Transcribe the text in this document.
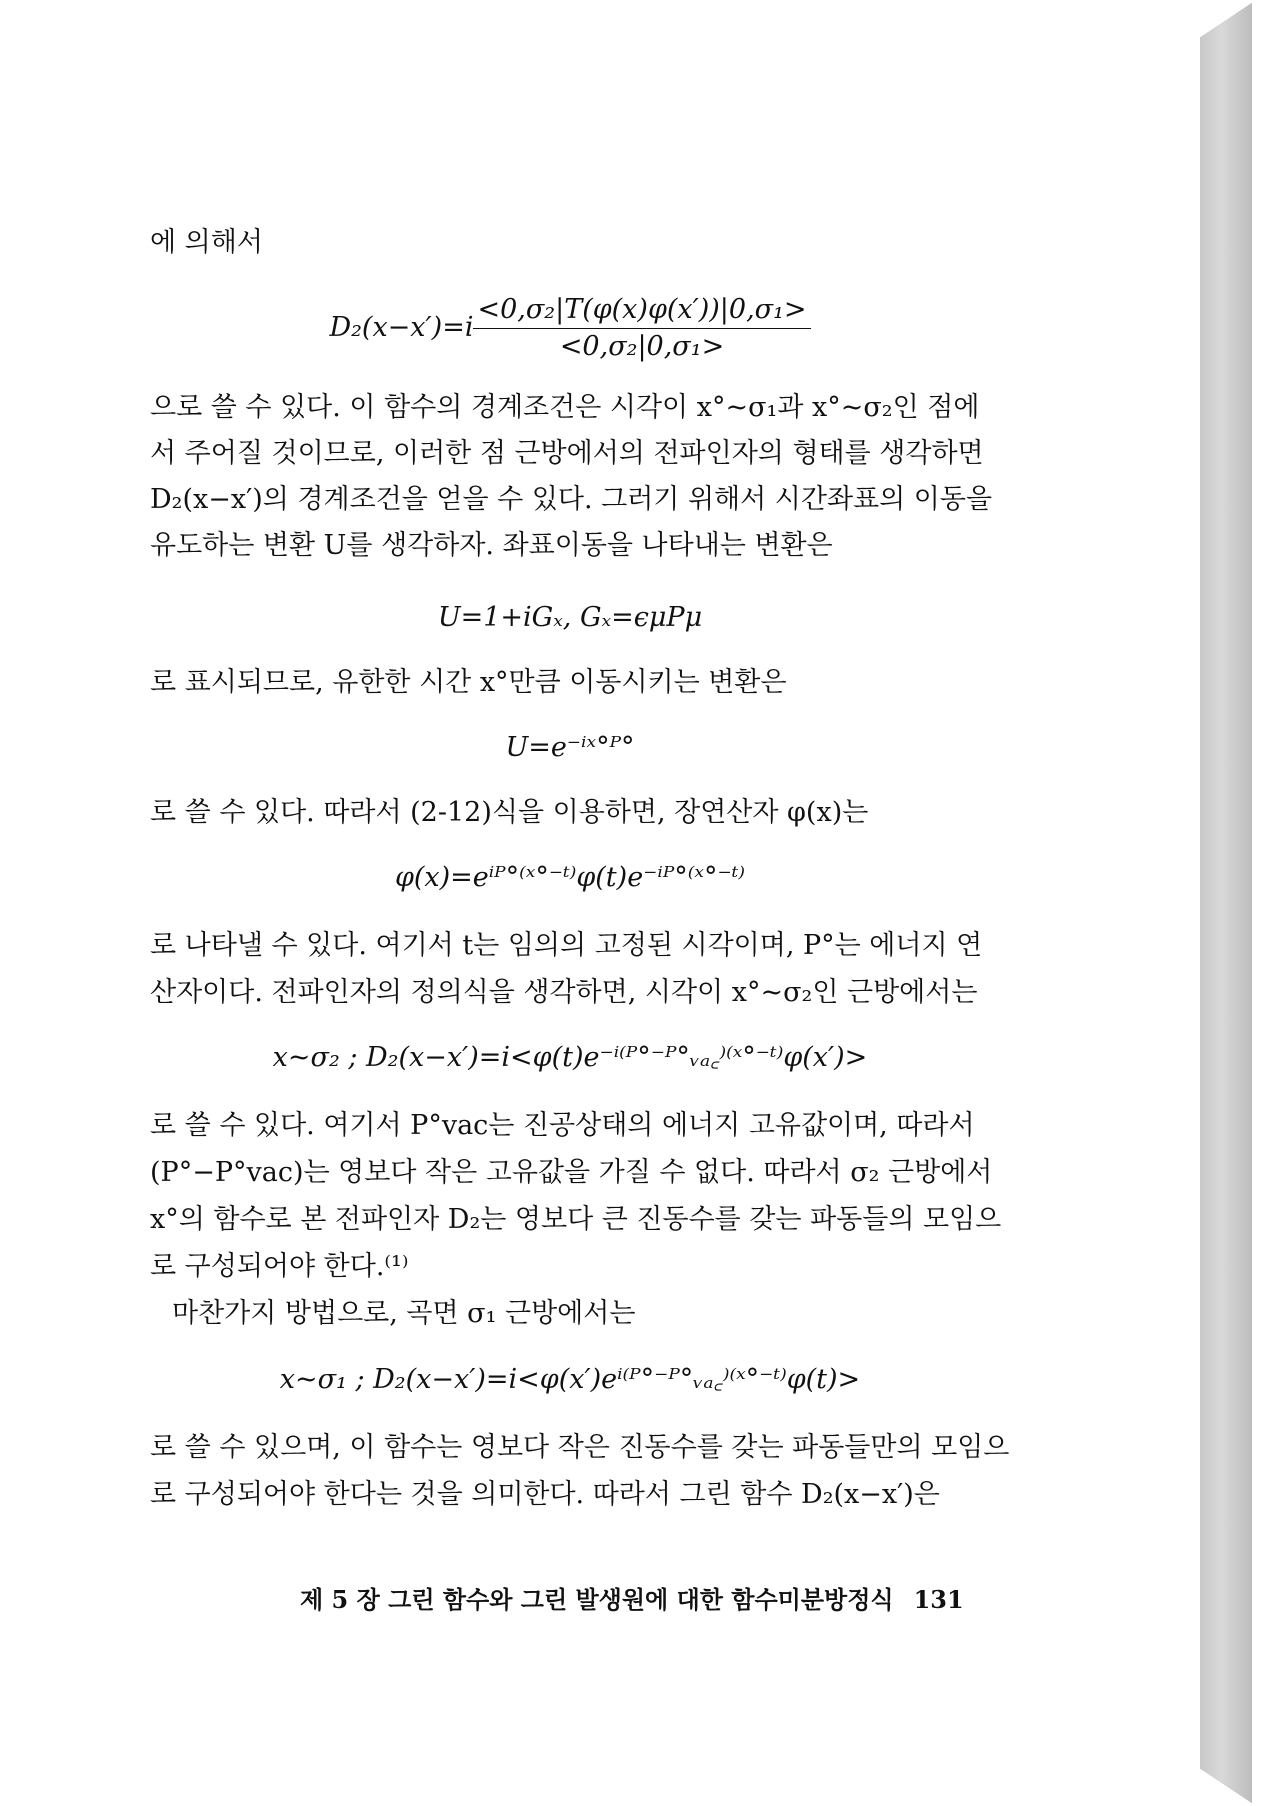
에 의해서
$D_2(x-x')=i \frac{\text{<0,σ₂|T(φ(x)φ(x′))|0,σ₁>}}{\text{<0,σ₂|0,σ₁>}}$
으로 쓸 수 있다. 이 함수의 경계조건은 시각이 x°~σ₁과 x°~σ₂인 점에
서 주어질 것이므로, 이러한 점 근방에서의 전파인자의 형태를 생각하면
D₂(x−x′)의 경계조건을 얻을 수 있다. 그러기 위해서 시간좌표의 이동을
유도하는 변환 U를 생각하자. 좌표이동을 나타내는 변환은
U=1+iGₓ, Gₓ=ϵμPμ
로 표시되므로, 유한한 시간 x°만큼 이동시키는 변환은
U=e⁻ⁱˣ°ᴾ°
로 쓸 수 있다. 따라서 (2-12)식을 이용하면, 장연산자 φ(x)는
φ(x)=eⁱᴾ°⁽ˣ°⁻ᵗ⁾φ(t)e⁻ⁱᴾ°⁽ˣ°⁻ᵗ⁾
로 나타낼 수 있다. 여기서 t는 임의의 고정된 시각이며, P°는 에너지 연
산자이다. 전파인자의 정의식을 생각하면, 시각이 x°~σ₂인 근방에서는
x~σ₂ ; D₂(x−x′)=i<φ(t)e⁻ⁱ⁽ᴾ°⁻ᴾ°ᵥₐ꜀⁾⁽ˣ°⁻ᵗ⁾φ(x′)>
로 쓸 수 있다. 여기서 P°vac는 진공상태의 에너지 고유값이며, 따라서
(P°−P°vac)는 영보다 작은 고유값을 가질 수 없다. 따라서 σ₂ 근방에서
x°의 함수로 본 전파인자 D₂는 영보다 큰 진동수를 갖는 파동들의 모임으
로 구성되어야 한다.⁽¹⁾
마찬가지 방법으로, 곡면 σ₁ 근방에서는
x~σ₁ ; D₂(x−x′)=i<φ(x′)eⁱ⁽ᴾ°⁻ᴾ°ᵥₐ꜀⁾⁽ˣ°⁻ᵗ⁾φ(t)>
로 쓸 수 있으며, 이 함수는 영보다 작은 진동수를 갖는 파동들만의 모임으
로 구성되어야 한다는 것을 의미한다. 따라서 그린 함수 D₂(x−x′)은
제 5 장 그린 함수와 그린 발생원에 대한 함수미분방정식 131
